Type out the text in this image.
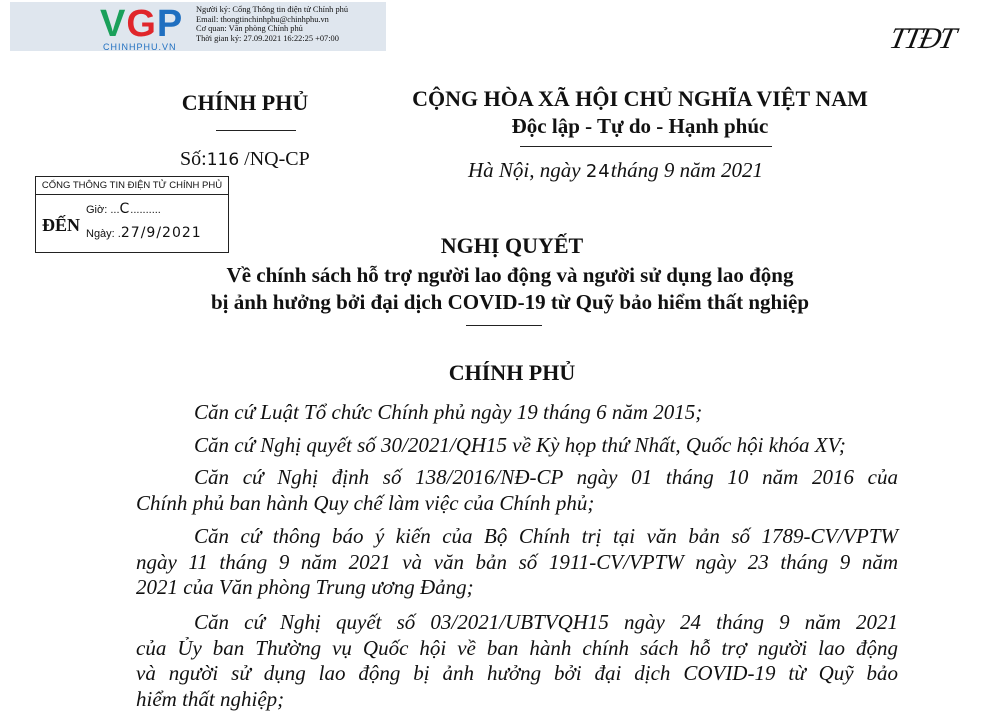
VGP
CHINHPHU.VN
Người ký: Cổng Thông tin điện tử Chính phủ
Email: thongtinchinhphu@chinhphu.vn
Cơ quan: Văn phòng Chính phủ
Thời gian ký: 27.09.2021 16:22:25 +07:00	TTĐT
CHÍNH PHỦ
Số:116 /NQ-CP
CỔNG THÔNG TIN ĐIỆN TỬ CHÍNH PHỦ
ĐẾN
Giờ: ...C..........
Ngày: .27/9/2021
CỘNG HÒA XÃ HỘI CHỦ NGHĨA VIỆT NAM
Độc lập - Tự do - Hạnh phúc
Hà Nội, ngày 24tháng 9 năm 2021
NGHỊ QUYẾT
Về chính sách hỗ trợ người lao động và người sử dụng lao động
bị ảnh hưởng bởi đại dịch COVID-19 từ Quỹ bảo hiểm thất nghiệp
CHÍNH PHỦ
Căn cứ Luật Tổ chức Chính phủ ngày 19 tháng 6 năm 2015;
Căn cứ Nghị quyết số 30/2021/QH15 về Kỳ họp thứ Nhất, Quốc hội khóa XV;
Căn cứ Nghị định số 138/2016/NĐ-CP ngày 01 tháng 10 năm 2016 của
Chính phủ ban hành Quy chế làm việc của Chính phủ;
Căn cứ thông báo ý kiến của Bộ Chính trị tại văn bản số 1789-CV/VPTW
ngày 11 tháng 9 năm 2021 và văn bản số 1911-CV/VPTW ngày 23 tháng 9 năm
2021 của Văn phòng Trung ương Đảng;
Căn cứ Nghị quyết số 03/2021/UBTVQH15 ngày 24 tháng 9 năm 2021
của Ủy ban Thường vụ Quốc hội về ban hành chính sách hỗ trợ người lao động
và người sử dụng lao động bị ảnh hưởng bởi đại dịch COVID-19 từ Quỹ bảo
hiểm thất nghiệp;
